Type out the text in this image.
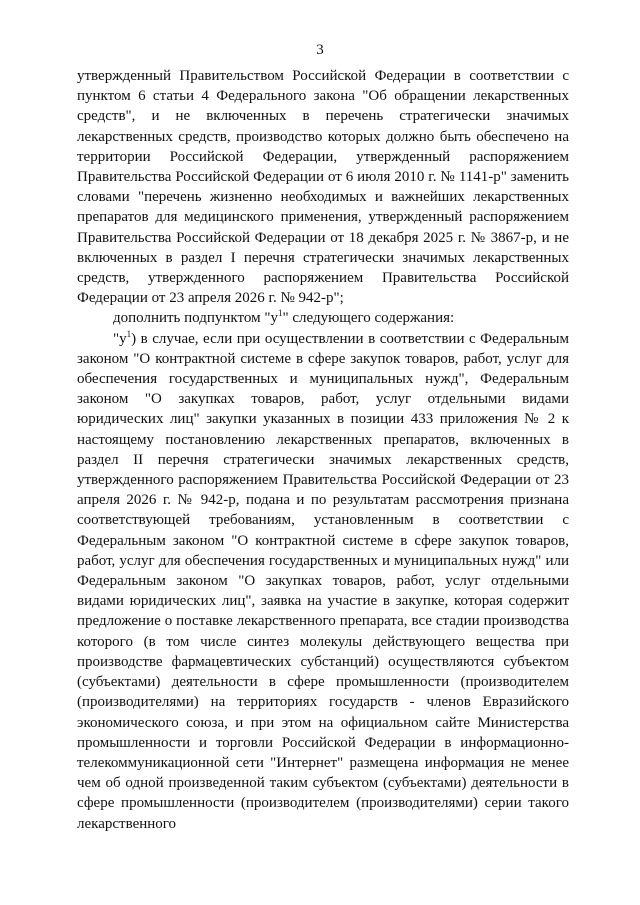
3

утвержденный Правительством Российской Федерации в соответствии с пунктом 6 статьи 4 Федерального закона "Об обращении лекарственных средств", и не включенных в перечень стратегически значимых лекарственных средств, производство которых должно быть обеспечено на территории Российской Федерации, утвержденный распоряжением Правительства Российской Федерации от 6 июля 2010 г. № 1141-р" заменить словами "перечень жизненно необходимых и важнейших лекарственных препаратов для медицинского применения, утвержденный распоряжением Правительства Российской Федерации от 18 декабря 2025 г. № 3867-р, и не включенных в раздел I перечня стратегически значимых лекарственных средств, утвержденного распоряжением Правительства Российской Федерации от 23 апреля 2026 г. № 942-р";

дополнить подпунктом "$у^1$" следующего содержания:

"$у^1$) в случае, если при осуществлении в соответствии с Федеральным законом "О контрактной системе в сфере закупок товаров, работ, услуг для обеспечения государственных и муниципальных нужд", Федеральным законом "О закупках товаров, работ, услуг отдельными видами юридических лиц" закупки указанных в позиции 433 приложения № 2 к настоящему постановлению лекарственных препаратов, включенных в раздел II перечня стратегически значимых лекарственных средств, утвержденного распоряжением Правительства Российской Федерации от 23 апреля 2026 г. № 942-р, подана и по результатам рассмотрения признана соответствующей требованиям, установленным в соответствии с Федеральным законом "О контрактной системе в сфере закупок товаров, работ, услуг для обеспечения государственных и муниципальных нужд" или Федеральным законом "О закупках товаров, работ, услуг отдельными видами юридических лиц", заявка на участие в закупке, которая содержит предложение о поставке лекарственного препарата, все стадии производства которого (в том числе синтез молекулы действующего вещества при производстве фармацевтических субстанций) осуществляются субъектом (субъектами) деятельности в сфере промышленности (производителем (производителями) на территориях государств - членов Евразийского экономического союза, и при этом на официальном сайте Министерства промышленности и торговли Российской Федерации в информационно-телекоммуникационной сети "Интернет" размещена информация не менее чем об одной произведенной таким субъектом (субъектами) деятельности в сфере промышленности (производителем (производителями) серии такого лекарственного
